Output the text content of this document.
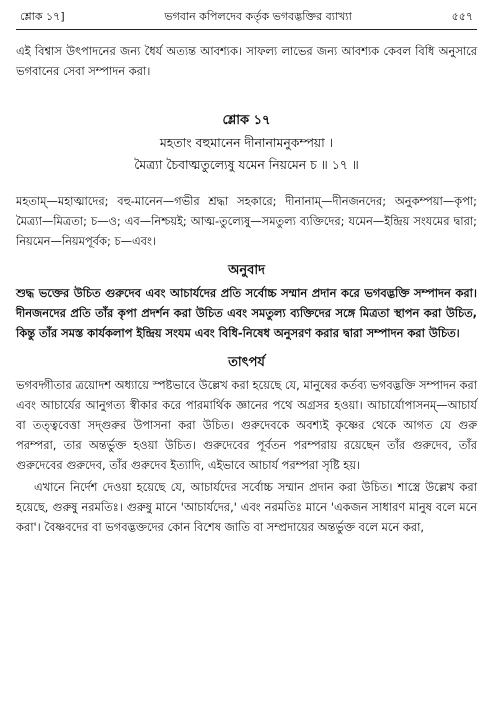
শ্লোক ১৭]	ভগবান কপিলদেব কর্তৃক ভগবদ্ভক্তির ব্যাখ্যা	৫৫৭

এই বিশ্বাস উৎপাদনের জন্য ধৈর্য অত্যন্ত আবশ্যক। সাফল্য লাভের জন্য আবশ্যক কেবল বিধি অনুসারে ভগবানের সেবা সম্পাদন করা।

শ্লোক ১৭
মহতাং বহুমানেন দীনানামনুকম্পয়া ।
মৈত্র্যা চৈবাত্মতুল্যেষু যমেন নিয়মেন চ ॥ ১৭ ॥

মহতাম্—মহাত্মাদের; বহু-মানেন—গভীর শ্রদ্ধা সহকারে; দীনানাম্—দীনজনদের; অনুকম্পয়া—কৃপা; মৈত্র্যা—মিত্রতা; চ—ও; এব—নিশ্চয়ই; আত্ম-তুল্যেষু—সমতুল্য ব্যক্তিদের; যমেন—ইন্দ্রিয় সংযমের দ্বারা; নিয়মেন—নিয়মপূর্বক; চ—এবং।

অনুবাদ

শুদ্ধ ভক্তের উচিত গুরুদেব এবং আচার্যদের প্রতি সর্বোচ্চ সম্মান প্রদান করে ভগবদ্ভক্তি সম্পাদন করা। দীনজনদের প্রতি তাঁর কৃপা প্রদর্শন করা উচিত এবং সমতুল্য ব্যক্তিদের সঙ্গে মিত্রতা স্থাপন করা উচিত, কিন্তু তাঁর সমস্ত কার্যকলাপ ইন্দ্রিয় সংযম এবং বিধি-নিষেধ অনুসরণ করার দ্বারা সম্পাদন করা উচিত।

তাৎপর্য

ভগবদ্গীতার ত্রয়োদশ অধ্যায়ে স্পষ্টভাবে উল্লেখ করা হয়েছে যে, মানুষের কর্তব্য ভগবদ্ভক্তি সম্পাদন করা এবং আচার্যের আনুগত্য স্বীকার করে পারমার্থিক জ্ঞানের পথে অগ্রসর হওয়া। আচার্যোপাসনম্—আচার্য বা তত্ত্ববেত্তা সদ্গুরুর উপাসনা করা উচিত। গুরুদেবকে অবশ্যই কৃষ্ণের থেকে আগত যে গুরু পরম্পরা, তার অন্তর্ভুক্ত হওয়া উচিত। গুরুদেবের পূর্বতন পরম্পরায় রয়েছেন তাঁর গুরুদেব, তাঁর গুরুদেবের গুরুদেব, তাঁর গুরুদেব ইত্যাদি, এইভাবে আচার্য পরম্পরা সৃষ্টি হয়।

এখানে নির্দেশ দেওয়া হয়েছে যে, আচার্যদের সর্বোচ্চ সম্মান প্রদান করা উচিত। শাস্ত্রে উল্লেখ করা হয়েছে, গুরুষু নরমতিঃ। গুরুষু মানে 'আচার্যদের,' এবং নরমতিঃ মানে 'একজন সাধারণ মানুষ বলে মনে করা'। বৈষ্ণবদের বা ভগবদ্ভক্তদের কোন বিশেষ জাতি বা সম্প্রদায়ের অন্তর্ভুক্ত বলে মনে করা,
